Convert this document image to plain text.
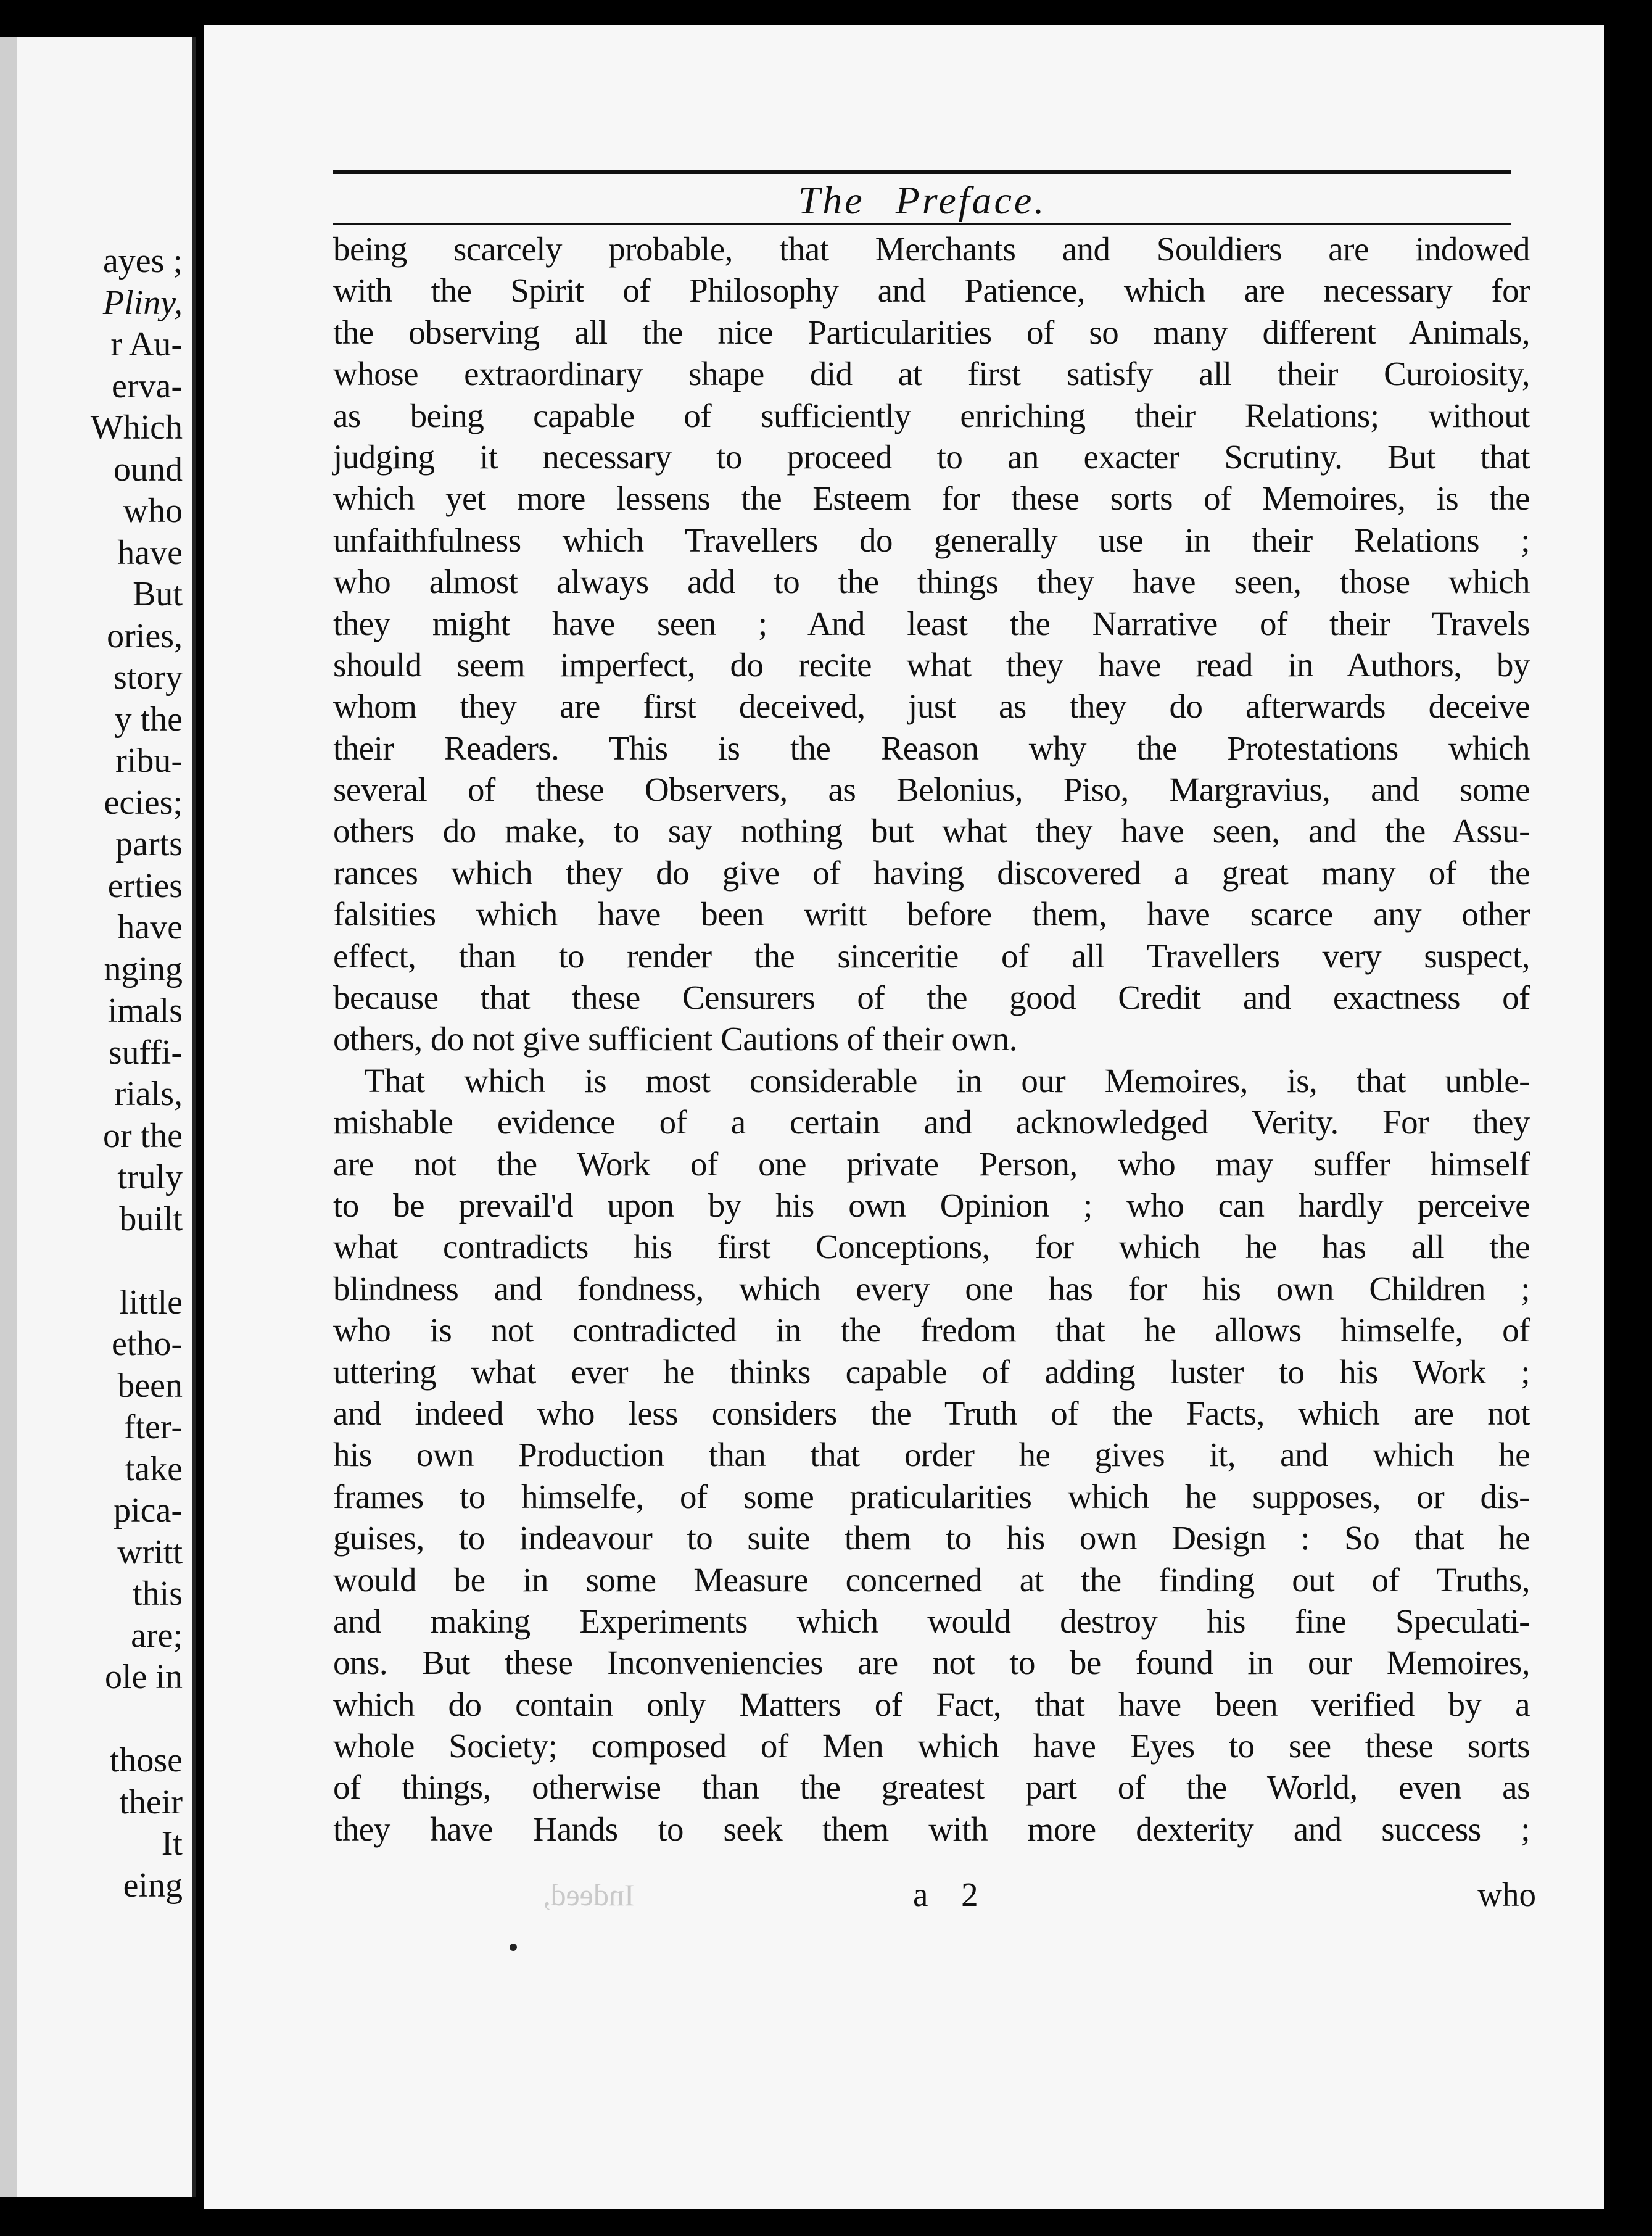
ayes ;
Pliny,
r Au-
erva-
Which
ound
who
have
But
ories,
story
y the
ribu-
ecies;
parts
erties
have
nging
imals
suffi-
rials,
or the
truly
built
little
etho-
been
fter-
take
pica-
writt
this
are;
ole in
those
their
It
eing
The Preface.
being scarcely probable, that Merchants and Souldiers are indowed
with the Spirit of Philosophy and Patience, which are necessary for
the observing all the nice Particularities of so many different Animals,
whose extraordinary shape did at first satisfy all their Curoiosity,
as being capable of sufficiently enriching their Relations; without
judging it necessary to proceed to an exacter Scrutiny. But that
which yet more lessens the Esteem for these sorts of Memoires, is the
unfaithfulness which Travellers do generally use in their Relations ;
who almost always add to the things they have seen, those which
they might have seen ; And least the Narrative of their Travels
should seem imperfect, do recite what they have read in Authors, by
whom they are first deceived, just as they do afterwards deceive
their Readers. This is the Reason why the Protestations which
several of these Observers, as Belonius, Piso, Margravius, and some
others do make, to say nothing but what they have seen, and the Assu-
rances which they do give of having discovered a great many of the
falsities which have been writt before them, have scarce any other
effect, than to render the sinceritie of all Travellers very suspect,
because that these Censurers of the good Credit and exactness of
others, do not give sufficient Cautions of their own.
That which is most considerable in our Memoires, is, that unble-
mishable evidence of a certain and acknowledged Verity. For they
are not the Work of one private Person, who may suffer himself
to be prevail'd upon by his own Opinion ; who can hardly perceive
what contradicts his first Conceptions, for which he has all the
blindness and fondness, which every one has for his own Children ;
who is not contradicted in the fredom that he allows himselfe, of
uttering what ever he thinks capable of adding luster to his Work ;
and indeed who less considers the Truth of the Facts, which are not
his own Production than that order he gives it, and which he
frames to himselfe, of some praticularities which he supposes, or dis-
guises, to indeavour to suite them to his own Design : So that he
would be in some Measure concerned at the finding out of Truths,
and making Experiments which would destroy his fine Speculati-
ons. But these Inconveniencies are not to be found in our Memoires,
which do contain only Matters of Fact, that have been verified by a
whole Society; composed of Men which have Eyes to see these sorts
of things, otherwise than the greatest part of the World, even as
they have Hands to seek them with more dexterity and success ;
Indeed,	a 2	who
